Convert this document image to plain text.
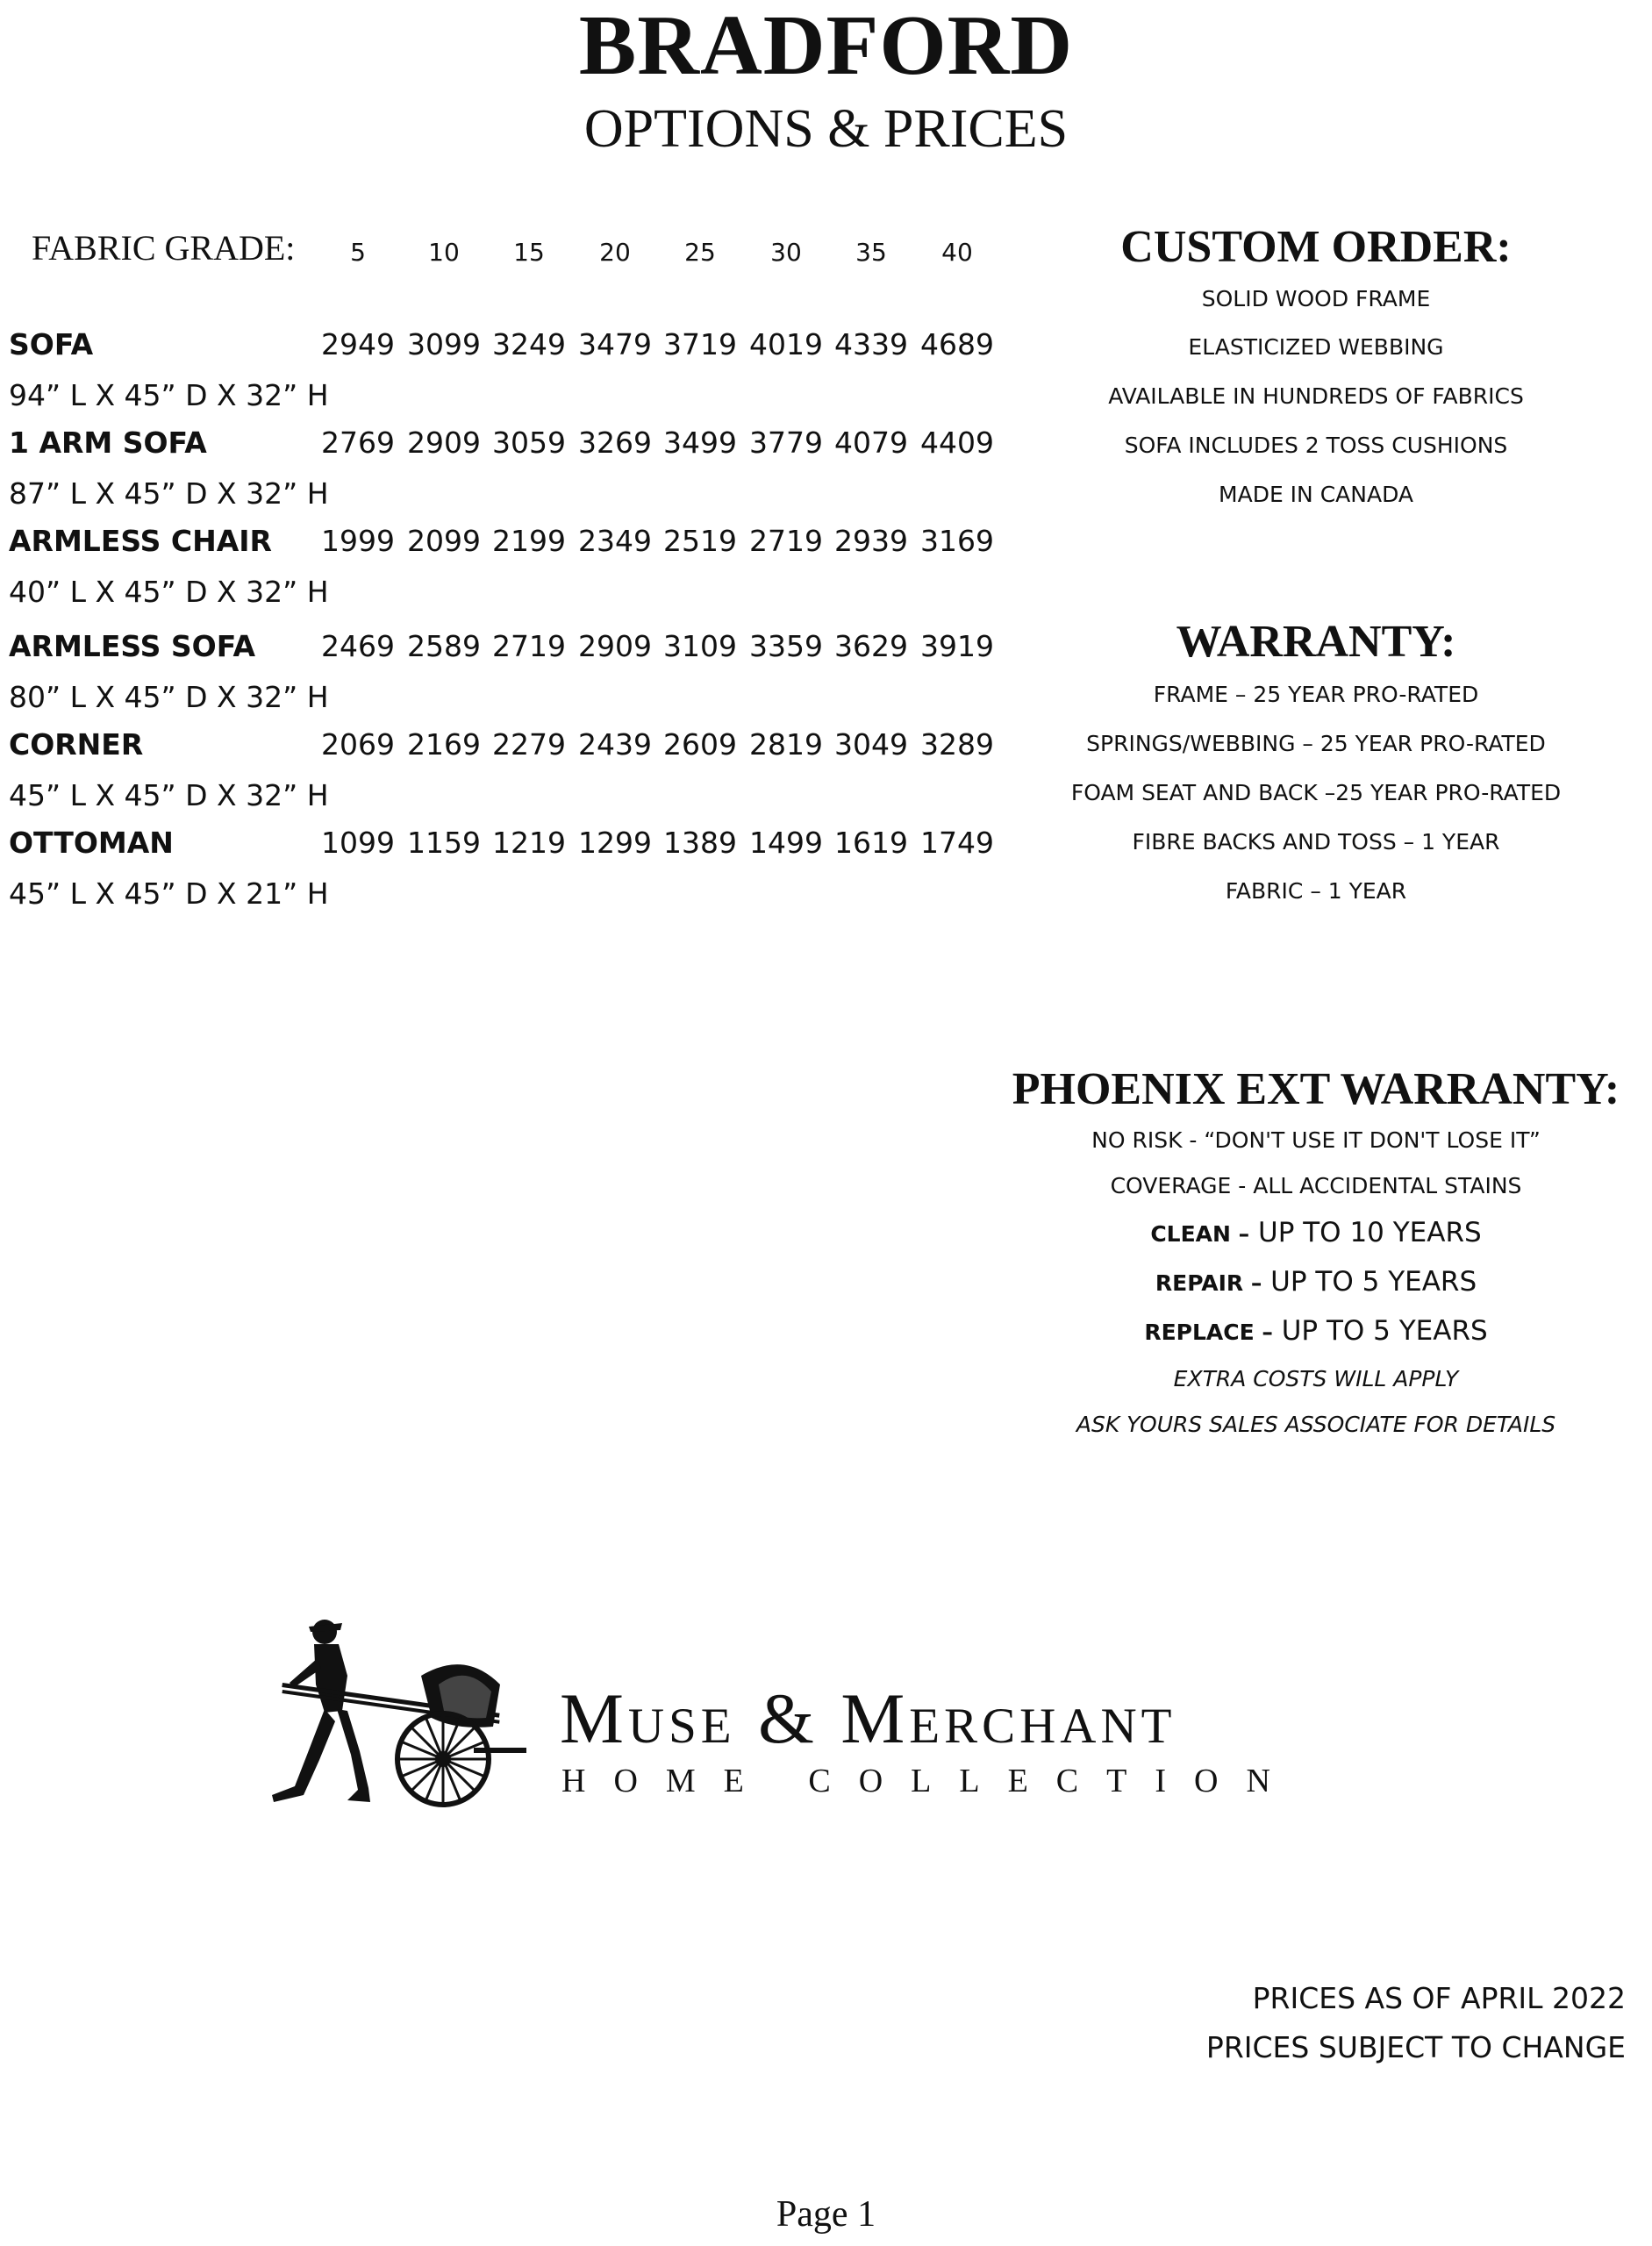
BRADFORD
OPTIONS & PRICES
FABRIC GRADE:	5	10	15	20	25	30	35	40
SOFA	2949 3099 3249 3479 3719 4019 4339 4689
94” L X 45” D X 32” H
1 ARM SOFA	2769 2909 3059 3269 3499 3779 4079 4409
87” L X 45” D X 32” H
ARMLESS CHAIR 1999 2099 2199 2349 2519 2719 2939 3169
40” L X 45” D X 32” H
ARMLESS SOFA 2469 2589 2719 2909 3109 3359 3629 3919
80” L X 45” D X 32” H
CORNER	2069 2169 2279 2439 2609 2819 3049 3289
45” L X 45” D X 32” H
OTTOMAN	1099 1159 1219 1299 1389 1499 1619 1749
45” L X 45” D X 21” H
CUSTOM ORDER:
SOLID WOOD FRAME
ELASTICIZED WEBBING
AVAILABLE IN HUNDREDS OF FABRICS
SOFA INCLUDES 2 TOSS CUSHIONS
MADE IN CANADA
WARRANTY:
FRAME – 25 YEAR PRO-RATED
SPRINGS/WEBBING – 25 YEAR PRO-RATED
FOAM SEAT AND BACK –25 YEAR PRO-RATED
FIBRE BACKS AND TOSS – 1 YEAR
FABRIC – 1 YEAR
PHOENIX EXT WARRANTY:
NO RISK - “DON'T USE IT DON'T LOSE IT”
COVERAGE - ALL ACCIDENTAL STAINS
CLEAN – UP TO 10 YEARS
REPAIR – UP TO 5 YEARS
REPLACE – UP TO 5 YEARS
EXTRA COSTS WILL APPLY
ASK YOURS SALES ASSOCIATE FOR DETAILS
Muse & Merchant
HOME COLLECTION
PRICES AS OF APRIL 2022
PRICES SUBJECT TO CHANGE
Page 1
